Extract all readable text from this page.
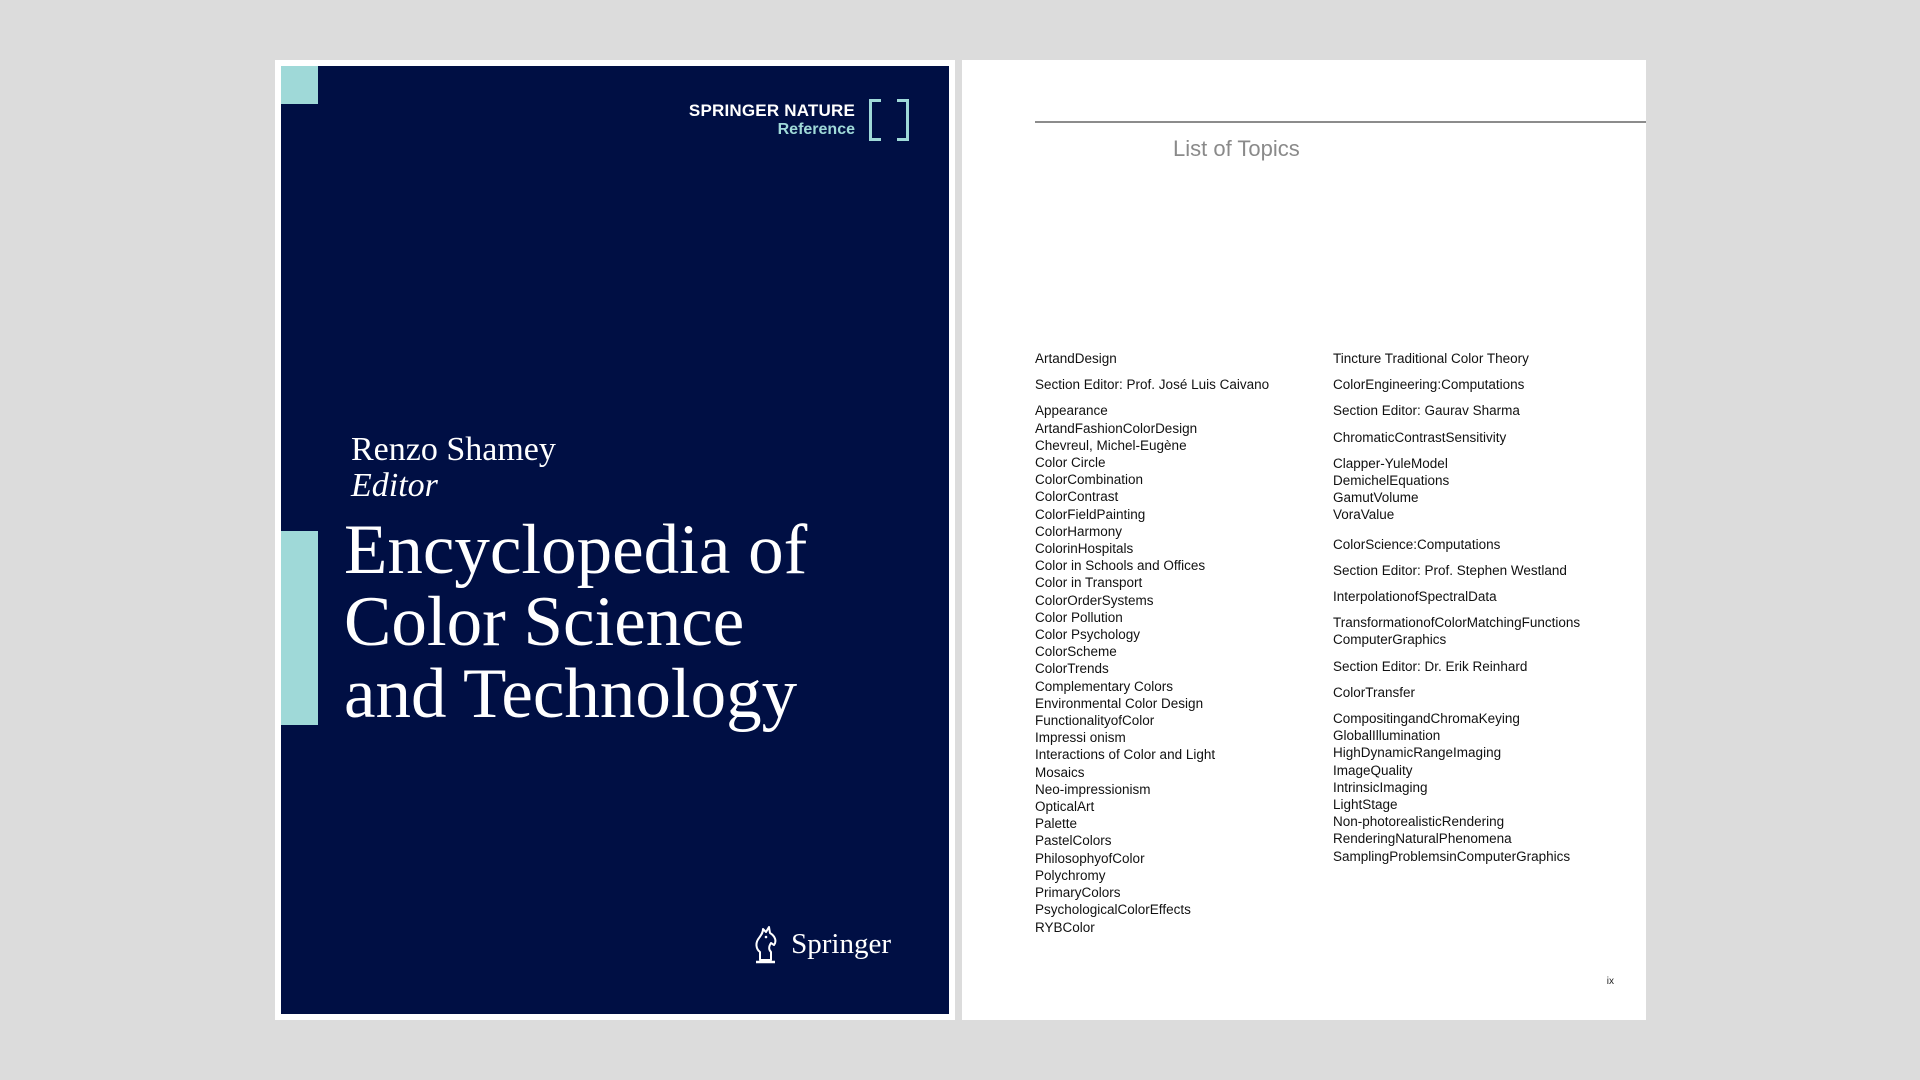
SPRINGER NATURE
Reference
Renzo Shamey
Editor
Encyclopedia of
Color Science
and Technology
Springer
List of Topics
ArtandDesign
Section Editor: Prof. José Luis Caivano
Appearance
ArtandFashionColorDesign
Chevreul, Michel-Eugène
Color Circle
ColorCombination
ColorContrast
ColorFieldPainting
ColorHarmony
ColorinHospitals
Color in Schools and Offices
Color in Transport
ColorOrderSystems
Color Pollution
Color Psychology
ColorScheme
ColorTrends
Complementary Colors
Environmental Color Design
FunctionalityofColor
Impressi onism
Interactions of Color and Light
Mosaics
Neo-impressionism
OpticalArt
Palette
PastelColors
PhilosophyofColor
Polychromy
PrimaryColors
PsychologicalColorEffects
RYBColor
Tincture Traditional Color Theory
ColorEngineering:Computations
Section Editor: Gaurav Sharma
ChromaticContrastSensitivity
Clapper-YuleModel
DemichelEquations
GamutVolume
VoraValue
ColorScience:Computations
Section Editor: Prof. Stephen Westland
InterpolationofSpectralData
TransformationofColorMatchingFunctions
ComputerGraphics
Section Editor: Dr. Erik Reinhard
ColorTransfer
CompositingandChromaKeying
GlobalIllumination
HighDynamicRangeImaging
ImageQuality
IntrinsicImaging
LightStage
Non-photorealisticRendering
RenderingNaturalPhenomena
SamplingProblemsinComputerGraphics
ix
